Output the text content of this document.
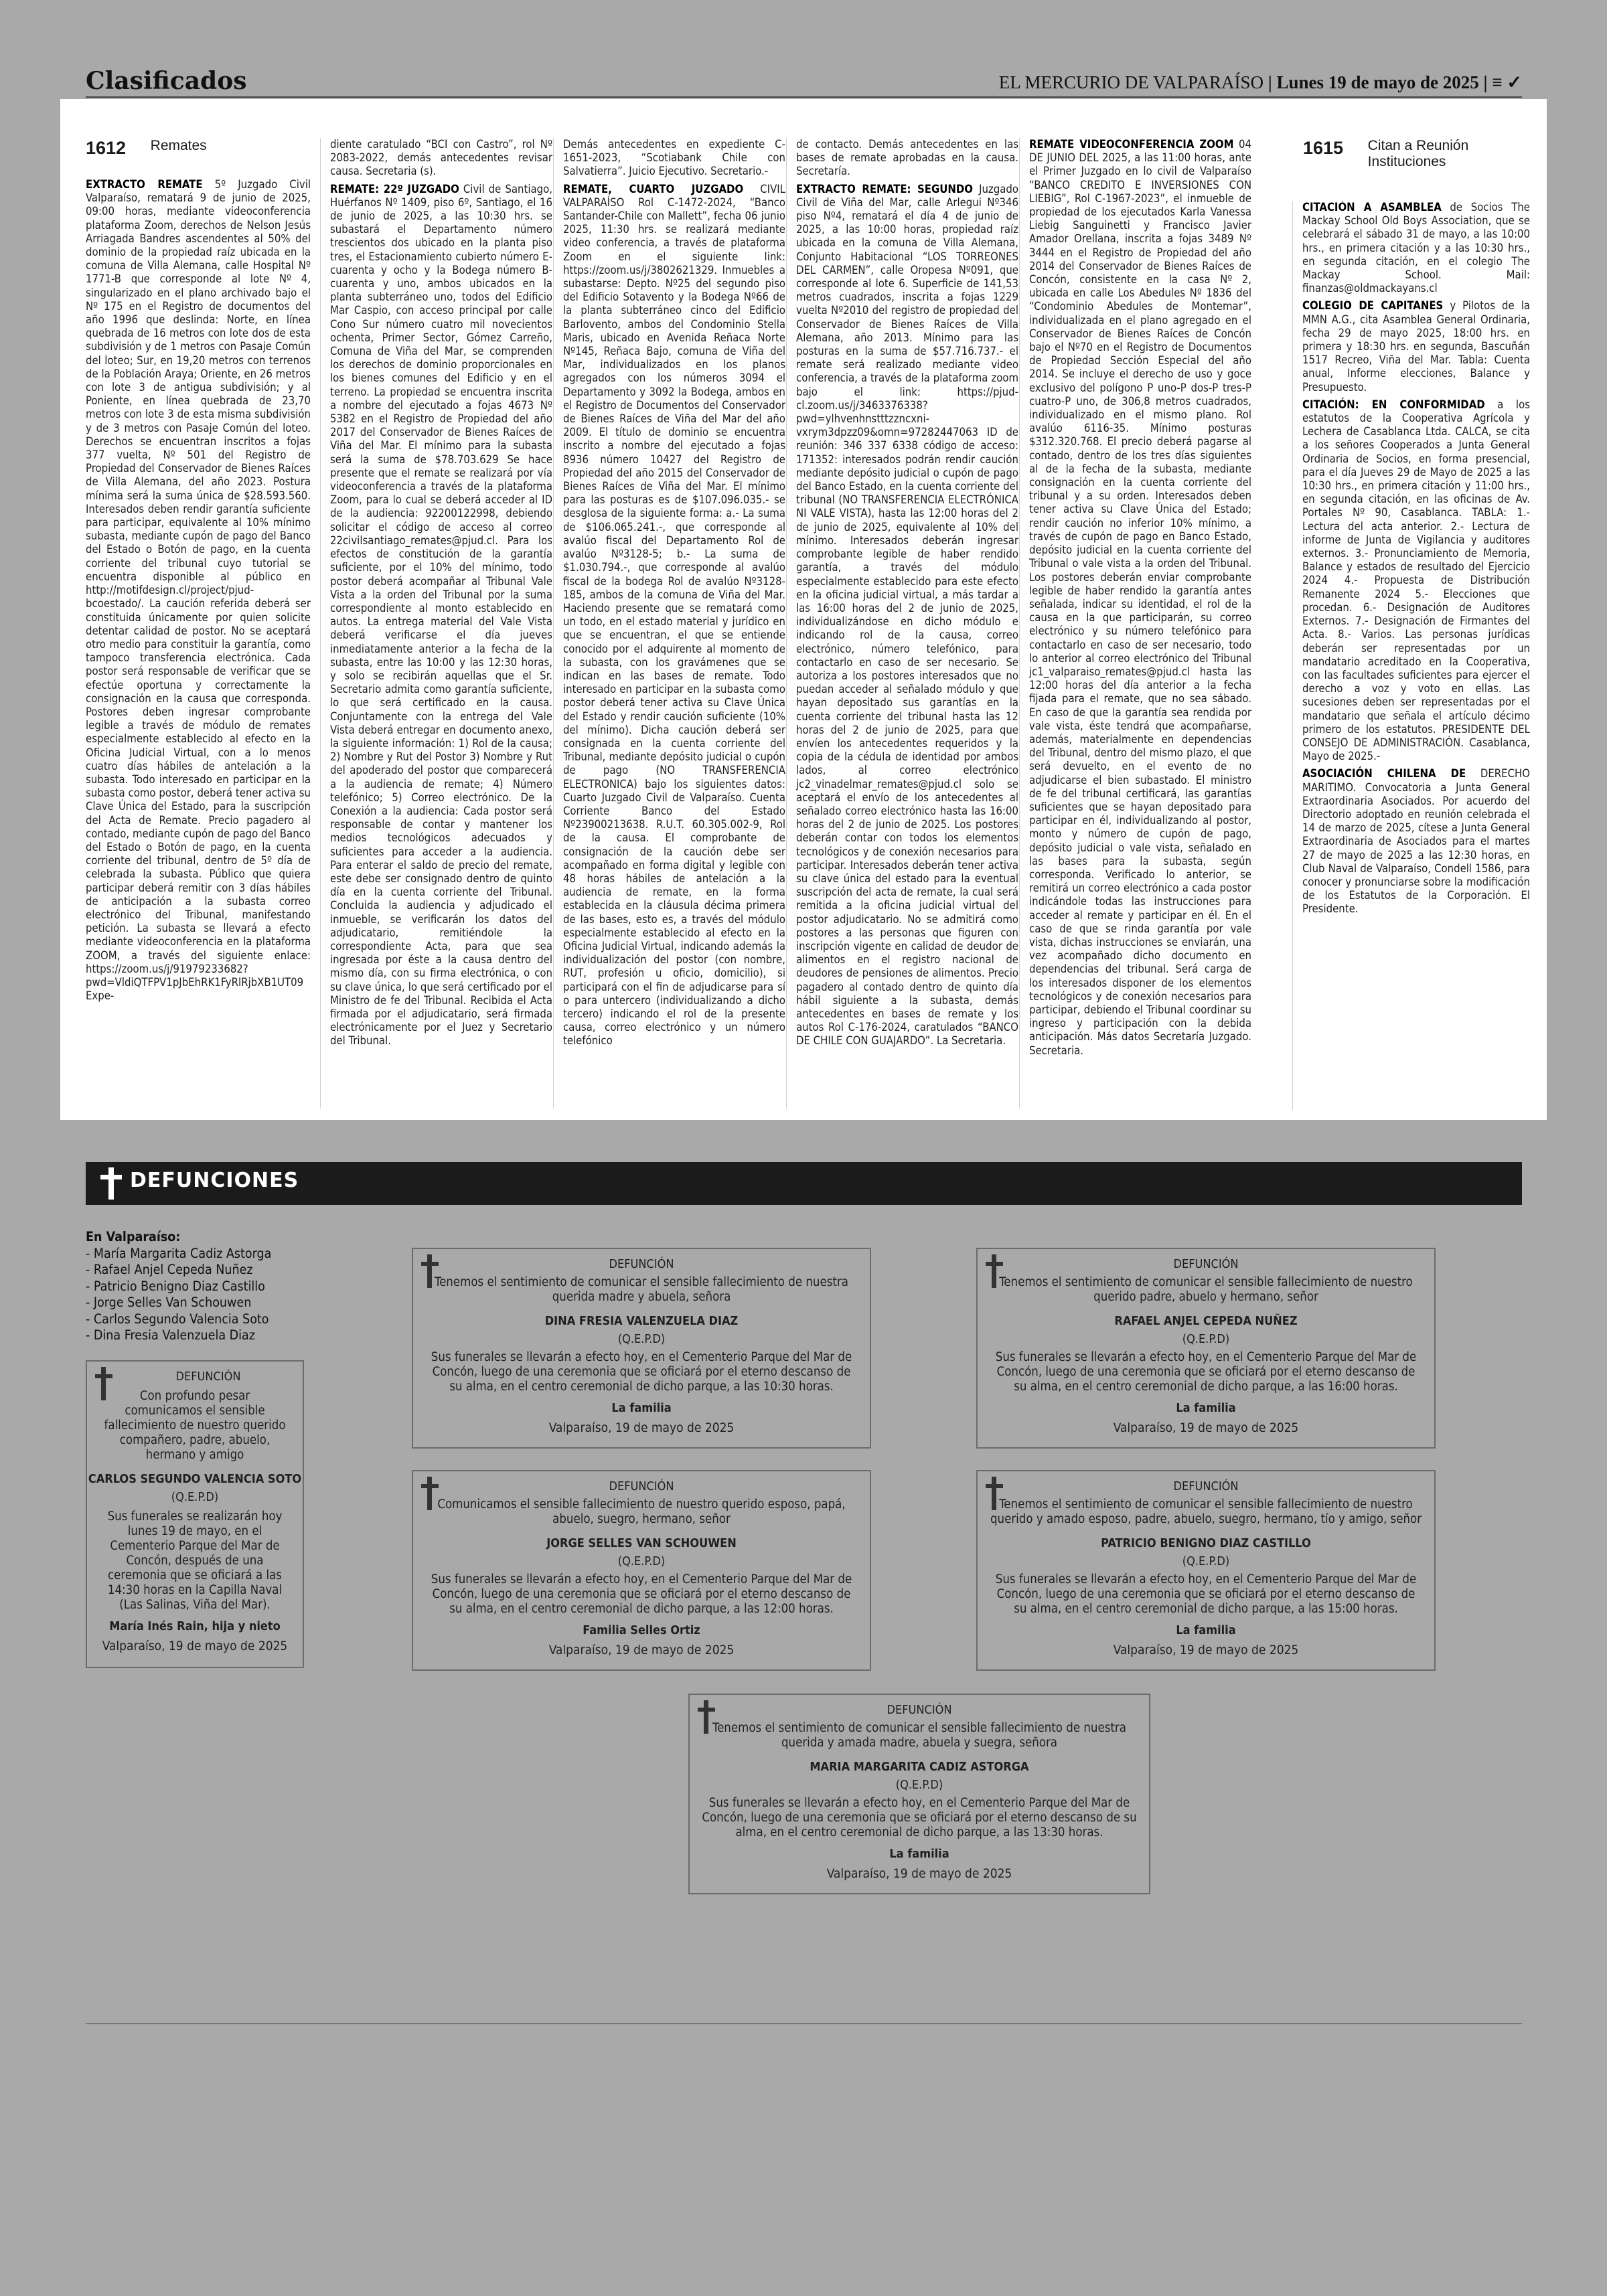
Clasificados	EL MERCURIO DE VALPARAÍSO | Lunes 19 de mayo de 2025 | ≡ ✓
1612 Remates	1615 Citan a Reunión Instituciones

EXTRACTO REMATE 5º Juzgado Civil Valparaíso, rematará 9 de junio de 2025, 09:00 horas, mediante videoconferencia plataforma Zoom, derechos de Nelson Jesús Arriagada Bandres ascendentes al 50% del dominio de la propiedad raíz ubicada en la comuna de Villa Alemana, calle Hospital Nº 1771-B que corresponde al lote Nº 4, singularizado en el plano archivado bajo el Nº 175 en el Registro de documentos del año 1996 que deslinda: Norte, en línea quebrada de 16 metros con lote dos de esta subdivisión y de 1 metros con Pasaje Común del loteo; Sur, en 19,20 metros con terrenos de la Población Araya; Oriente, en 26 metros con lote 3 de antigua subdivisión; y al Poniente, en línea quebrada de 23,70 metros con lote 3 de esta misma subdivisión y de 3 metros con Pasaje Común del loteo. Derechos se encuentran inscritos a fojas 377 vuelta, Nº 501 del Registro de Propiedad del Conservador de Bienes Raíces de Villa Alemana, del año 2023. Postura mínima será la suma única de $28.593.560. Interesados deben rendir garantía suficiente para participar, equivalente al 10% mínimo subasta, mediante cupón de pago del Banco del Estado o Botón de pago, en la cuenta corriente del tribunal cuyo tutorial se encuentra disponible al público en http://motifdesign.cl/project/pjud-bcoestado/. La caución referida deberá ser constituida únicamente por quien solicite detentar calidad de postor. No se aceptará otro medio para constituir la garantía, como tampoco transferencia electrónica. Cada postor será responsable de verificar que se efectúe oportuna y correctamente la consignación en la causa que corresponda. Postores deben ingresar comprobante legible a través de módulo de remates especialmente establecido al efecto en la Oficina Judicial Virtual, con a lo menos cuatro días hábiles de antelación a la subasta. Todo interesado en participar en la subasta como postor, deberá tener activa su Clave Única del Estado, para la suscripción del Acta de Remate. Precio pagadero al contado, mediante cupón de pago del Banco del Estado o Botón de pago, en la cuenta corriente del tribunal, dentro de 5º día de celebrada la subasta. Público que quiera participar deberá remitir con 3 días hábiles de anticipación a la subasta correo electrónico del Tribunal, manifestando petición. La subasta se llevará a efecto mediante videoconferencia en la plataforma ZOOM, a través del siguiente enlace: https://zoom.us/j/91979233682?pwd=VldiQTFPV1pJbEhRK1FyRlRjbXB1UT09 Expe-

diente caratulado “BCI con Castro”, rol Nº 2083-2022, demás antecedentes revisar causa. Secretaria (s).

REMATE: 22º JUZGADO Civil de Santiago, Huérfanos Nº 1409, piso 6º, Santiago, el 16 de junio de 2025, a las 10:30 hrs. se subastará el Departamento número trescientos dos ubicado en la planta piso tres, el Estacionamiento cubierto número E-cuarenta y ocho y la Bodega número B-cuarenta y uno, ambos ubicados en la planta subterráneo uno, todos del Edificio Mar Caspio, con acceso principal por calle Cono Sur número cuatro mil novecientos ochenta, Primer Sector, Gómez Carreño, Comuna de Viña del Mar, se comprenden los derechos de dominio proporcionales en los bienes comunes del Edificio y en el terreno. La propiedad se encuentra inscrita a nombre del ejecutado a fojas 4673 Nº 5382 en el Registro de Propiedad del año 2017 del Conservador de Bienes Raíces de Viña del Mar. El mínimo para la subasta será la suma de $78.703.629 Se hace presente que el remate se realizará por vía videoconferencia a través de la plataforma Zoom, para lo cual se deberá acceder al ID de la audiencia: 92200122998, debiendo solicitar el código de acceso al correo 22civilsantiago_remates@pjud.cl. Para los efectos de constitución de la garantía suficiente, por el 10% del mínimo, todo postor deberá acompañar al Tribunal Vale Vista a la orden del Tribunal por la suma correspondiente al monto establecido en autos. La entrega material del Vale Vista deberá verificarse el día jueves inmediatamente anterior a la fecha de la subasta, entre las 10:00 y las 12:30 horas, y solo se recibirán aquellas que el Sr. Secretario admita como garantía suficiente, lo que será certificado en la causa. Conjuntamente con la entrega del Vale Vista deberá entregar en documento anexo, la siguiente información: 1) Rol de la causa; 2) Nombre y Rut del Postor 3) Nombre y Rut del apoderado del postor que comparecerá a la audiencia de remate; 4) Número telefónico; 5) Correo electrónico. De la Conexión a la audiencia: Cada postor será responsable de contar y mantener los medios tecnológicos adecuados y suficientes para acceder a la audiencia. Para enterar el saldo de precio del remate, este debe ser consignado dentro de quinto día en la cuenta corriente del Tribunal. Concluida la audiencia y adjudicado el inmueble, se verificarán los datos del adjudicatario, remitiéndole la correspondiente Acta, para que sea ingresada por éste a la causa dentro del mismo día, con su firma electrónica, o con su clave única, lo que será certificado por el Ministro de fe del Tribunal. Recibida el Acta firmada por el adjudicatario, será firmada electrónicamente por el Juez y Secretario del Tribunal.

Demás antecedentes en expediente C-1651-2023, “Scotiabank Chile con Salvatierra”. Juicio Ejecutivo. Secretario.-

REMATE, CUARTO JUZGADO CIVIL VALPARAÍSO Rol C-1472-2024, “Banco Santander-Chile con Mallett”, fecha 06 junio 2025, 11:30 hrs. se realizará mediante video conferencia, a través de plataforma Zoom en el siguiente link: https://zoom.us/j/3802621329. Inmuebles a subastarse: Depto. Nº25 del segundo piso del Edificio Sotavento y la Bodega Nº66 de la planta subterráneo cinco del Edificio Barlovento, ambos del Condominio Stella Maris, ubicado en Avenida Reñaca Norte Nº145, Reñaca Bajo, comuna de Viña del Mar, individualizados en los planos agregados con los números 3094 el Departamento y 3092 la Bodega, ambos en el Registro de Documentos del Conservador de Bienes Raíces de Viña del Mar del año 2009. El título de dominio se encuentra inscrito a nombre del ejecutado a fojas 8936 número 10427 del Registro de Propiedad del año 2015 del Conservador de Bienes Raíces de Viña del Mar. El mínimo para las posturas es de $107.096.035.- se desglosa de la siguiente forma: a.- La suma de $106.065.241.-, que corresponde al avalúo fiscal del Departamento Rol de avalúo Nº3128-5; b.- La suma de $1.030.794.-, que corresponde al avalúo fiscal de la bodega Rol de avalúo Nº3128-185, ambos de la comuna de Viña del Mar. Haciendo presente que se rematará como un todo, en el estado material y jurídico en que se encuentran, el que se entiende conocido por el adquirente al momento de la subasta, con los gravámenes que se indican en las bases de remate. Todo interesado en participar en la subasta como postor deberá tener activa su Clave Única del Estado y rendir caución suficiente (10% del mínimo). Dicha caución deberá ser consignada en la cuenta corriente del Tribunal, mediante depósito judicial o cupón de pago (NO TRANSFERENCIA ELECTRONICA) bajo los siguientes datos: Cuarto Juzgado Civil de Valparaíso. Cuenta Corriente Banco del Estado Nº23900213638. R.U.T. 60.305.002-9, Rol de la causa. El comprobante de consignación de la caución debe ser acompañado en forma digital y legible con 48 horas hábiles de antelación a la audiencia de remate, en la forma establecida en la cláusula décima primera de las bases, esto es, a través del módulo especialmente establecido al efecto en la Oficina Judicial Virtual, indicando además la individualización del postor (con nombre, RUT, profesión u oficio, domicilio), si participará con el fin de adjudicarse para sí o para untercero (individualizando a dicho tercero) indicando el rol de la presente causa, correo electrónico y un número telefónico

de contacto. Demás antecedentes en las bases de remate aprobadas en la causa. Secretaría.

EXTRACTO REMATE: SEGUNDO Juzgado Civil de Viña del Mar, calle Arlegui Nº346 piso Nº4, rematará el día 4 de junio de 2025, a las 10:00 horas, propiedad raíz ubicada en la comuna de Villa Alemana, Conjunto Habitacional “LOS TORREONES DEL CARMEN”, calle Oropesa Nº091, que corresponde al lote 6. Superficie de 141,53 metros cuadrados, inscrita a fojas 1229 vuelta Nº2010 del registro de propiedad del Conservador de Bienes Raíces de Villa Alemana, año 2013. Mínimo para las posturas en la suma de $57.716.737.- el remate será realizado mediante video conferencia, a través de la plataforma zoom bajo el link: https://pjud-cl.zoom.us/j/3463376338?pwd=ylhvenhnstttzzncxni-vxrym3dpzz09&omn=97282447063 ID de reunión: 346 337 6338 código de acceso: 171352: interesados podrán rendir caución mediante depósito judicial o cupón de pago del Banco Estado, en la cuenta corriente del tribunal (NO TRANSFERENCIA ELECTRÓNICA NI VALE VISTA), hasta las 12:00 horas del 2 de junio de 2025, equivalente al 10% del mínimo. Interesados deberán ingresar comprobante legible de haber rendido garantía, a través del módulo especialmente establecido para este efecto en la oficina judicial virtual, a más tardar a las 16:00 horas del 2 de junio de 2025, individualizándose en dicho módulo e indicando rol de la causa, correo electrónico, número telefónico, para contactarlo en caso de ser necesario. Se autoriza a los postores interesados que no puedan acceder al señalado módulo y que hayan depositado sus garantías en la cuenta corriente del tribunal hasta las 12 horas del 2 de junio de 2025, para que envíen los antecedentes requeridos y la copia de la cédula de identidad por ambos lados, al correo electrónico jc2_vinadelmar_remates@pjud.cl solo se aceptará el envío de los antecedentes al señalado correo electrónico hasta las 16:00 horas del 2 de junio de 2025. Los postores deberán contar con todos los elementos tecnológicos y de conexión necesarios para participar. Interesados deberán tener activa su clave única del estado para la eventual suscripción del acta de remate, la cual será remitida a la oficina judicial virtual del postor adjudicatario. No se admitirá como postores a las personas que figuren con inscripción vigente en calidad de deudor de alimentos en el registro nacional de deudores de pensiones de alimentos. Precio pagadero al contado dentro de quinto día hábil siguiente a la subasta, demás antecedentes en bases de remate y los autos Rol C-176-2024, caratulados “BANCO DE CHILE CON GUAJARDO”. La Secretaria.

REMATE VIDEOCONFERENCIA ZOOM 04 DE JUNIO DEL 2025, a las 11:00 horas, ante el Primer Juzgado en lo civil de Valparaíso “BANCO CREDITO E INVERSIONES CON LIEBIG”, Rol C-1967-2023”, el inmueble de propiedad de los ejecutados Karla Vanessa Liebig Sanguinetti y Francisco Javier Amador Orellana, inscrita a fojas 3489 Nº 3444 en el Registro de Propiedad del año 2014 del Conservador de Bienes Raíces de Concón, consistente en la casa Nº 2, ubicada en calle Los Abedules Nº 1836 del “Condominio Abedules de Montemar”, individualizada en el plano agregado en el Conservador de Bienes Raíces de Concón bajo el Nº70 en el Registro de Documentos de Propiedad Sección Especial del año 2014. Se incluye el derecho de uso y goce exclusivo del polígono P uno-P dos-P tres-P cuatro-P uno, de 306,8 metros cuadrados, individualizado en el mismo plano. Rol avalúo 6116-35. Mínimo posturas $312.320.768. El precio deberá pagarse al contado, dentro de los tres días siguientes al de la fecha de la subasta, mediante consignación en la cuenta corriente del tribunal y a su orden. Interesados deben tener activa su Clave Única del Estado; rendir caución no inferior 10% mínimo, a través de cupón de pago en Banco Estado, depósito judicial en la cuenta corriente del Tribunal o vale vista a la orden del Tribunal. Los postores deberán enviar comprobante legible de haber rendido la garantía antes señalada, indicar su identidad, el rol de la causa en la que participarán, su correo electrónico y su número telefónico para contactarlo en caso de ser necesario, todo lo anterior al correo electrónico del Tribunal jc1_valparaiso_remates@pjud.cl hasta las 12:00 horas del día anterior a la fecha fijada para el remate, que no sea sábado. En caso de que la garantía sea rendida por vale vista, éste tendrá que acompañarse, además, materialmente en dependencias del Tribunal, dentro del mismo plazo, el que será devuelto, en el evento de no adjudicarse el bien subastado. El ministro de fe del tribunal certificará, las garantías suficientes que se hayan depositado para participar en él, individualizando al postor, monto y número de cupón de pago, depósito judicial o vale vista, señalado en las bases para la subasta, según corresponda. Verificado lo anterior, se remitirá un correo electrónico a cada postor indicándole todas las instrucciones para acceder al remate y participar en él. En el caso de que se rinda garantía por vale vista, dichas instrucciones se enviarán, una vez acompañado dicho documento en dependencias del tribunal. Será carga de los interesados disponer de los elementos tecnológicos y de conexión necesarios para participar, debiendo el Tribunal coordinar su ingreso y participación con la debida anticipación. Más datos Secretaría Juzgado. Secretaria.

CITACIÓN A ASAMBLEA de Socios The Mackay School Old Boys Association, que se celebrará el sábado 31 de mayo, a las 10:00 hrs., en primera citación y a las 10:30 hrs., en segunda citación, en el colegio The Mackay School. Mail: finanzas@oldmackayans.cl

COLEGIO DE CAPITANES y Pilotos de la MMN A.G., cita Asamblea General Ordinaria, fecha 29 de mayo 2025, 18:00 hrs. en primera y 18:30 hrs. en segunda, Bascuñán 1517 Recreo, Viña del Mar. Tabla: Cuenta anual, Informe elecciones, Balance y Presupuesto.

CITACIÓN: EN CONFORMIDAD a los estatutos de la Cooperativa Agrícola y Lechera de Casablanca Ltda. CALCA, se cita a los señores Cooperados a Junta General Ordinaria de Socios, en forma presencial, para el día Jueves 29 de Mayo de 2025 a las 10:30 hrs., en primera citación y 11:00 hrs., en segunda citación, en las oficinas de Av. Portales Nº 90, Casablanca. TABLA: 1.- Lectura del acta anterior. 2.- Lectura de informe de Junta de Vigilancia y auditores externos. 3.- Pronunciamiento de Memoria, Balance y estados de resultado del Ejercicio 2024 4.- Propuesta de Distribución Remanente 2024 5.- Elecciones que procedan. 6.- Designación de Auditores Externos. 7.- Designación de Firmantes del Acta. 8.- Varios. Las personas jurídicas deberán ser representadas por un mandatario acreditado en la Cooperativa, con las facultades suficientes para ejercer el derecho a voz y voto en ellas. Las sucesiones deben ser representadas por el mandatario que señala el artículo décimo primero de los estatutos. PRESIDENTE DEL CONSEJO DE ADMINISTRACIÓN. Casablanca, Mayo de 2025.-

ASOCIACIÓN CHILENA DE DERECHO MARITIMO. Convocatoria a Junta General Extraordinaria Asociados. Por acuerdo del Directorio adoptado en reunión celebrada el 14 de marzo de 2025, cítese a Junta General Extraordinaria de Asociados para el martes 27 de mayo de 2025 a las 12:30 horas, en Club Naval de Valparaíso, Condell 1586, para conocer y pronunciarse sobre la modificación de los Estatutos de la Corporación. El Presidente.

DEFUNCIONES
En Valparaíso:
- María Margarita Cadiz Astorga
- Rafael Anjel Cepeda Nuñez
- Patricio Benigno Diaz Castillo
- Jorge Selles Van Schouwen
- Carlos Segundo Valencia Soto
- Dina Fresia Valenzuela Diaz
DEFUNCIÓN
Con profundo pesar comunicamos el sensible fallecimiento de nuestro querido compañero, padre, abuelo, hermano y amigo
CARLOS SEGUNDO VALENCIA SOTO
(Q.E.P.D)
Sus funerales se realizarán hoy lunes 19 de mayo, en el Cementerio Parque del Mar de Concón, después de una ceremonia que se oficiará a las 14:30 horas en la Capilla Naval (Las Salinas, Viña del Mar).
María Inés Rain, hija y nieto
Valparaíso, 19 de mayo de 2025
DEFUNCIÓN
Tenemos el sentimiento de comunicar el sensible fallecimiento de nuestra querida madre y abuela, señora
DINA FRESIA VALENZUELA DIAZ
(Q.E.P.D)
Sus funerales se llevarán a efecto hoy, en el Cementerio Parque del Mar de Concón, luego de una ceremonia que se oficiará por el eterno descanso de su alma, en el centro ceremonial de dicho parque, a las 10:30 horas.
La familia
Valparaíso, 19 de mayo de 2025
DEFUNCIÓN
Tenemos el sentimiento de comunicar el sensible fallecimiento de nuestro querido padre, abuelo y hermano, señor
RAFAEL ANJEL CEPEDA NUÑEZ
(Q.E.P.D)
Sus funerales se llevarán a efecto hoy, en el Cementerio Parque del Mar de Concón, luego de una ceremonia que se oficiará por el eterno descanso de su alma, en el centro ceremonial de dicho parque, a las 16:00 horas.
La familia
Valparaíso, 19 de mayo de 2025
DEFUNCIÓN
Comunicamos el sensible fallecimiento de nuestro querido esposo, papá, abuelo, suegro, hermano, señor
JORGE SELLES VAN SCHOUWEN
(Q.E.P.D)
Sus funerales se llevarán a efecto hoy, en el Cementerio Parque del Mar de Concón, luego de una ceremonia que se oficiará por el eterno descanso de su alma, en el centro ceremonial de dicho parque, a las 12:00 horas.
Familia Selles Ortiz
Valparaíso, 19 de mayo de 2025
DEFUNCIÓN
Tenemos el sentimiento de comunicar el sensible fallecimiento de nuestro querido y amado esposo, padre, abuelo, suegro, hermano, tío y amigo, señor
PATRICIO BENIGNO DIAZ CASTILLO
(Q.E.P.D)
Sus funerales se llevarán a efecto hoy, en el Cementerio Parque del Mar de Concón, luego de una ceremonia que se oficiará por el eterno descanso de su alma, en el centro ceremonial de dicho parque, a las 15:00 horas.
La familia
Valparaíso, 19 de mayo de 2025
DEFUNCIÓN
Tenemos el sentimiento de comunicar el sensible fallecimiento de nuestra querida y amada madre, abuela y suegra, señora
MARIA MARGARITA CADIZ ASTORGA
(Q.E.P.D)
Sus funerales se llevarán a efecto hoy, en el Cementerio Parque del Mar de Concón, luego de una ceremonia que se oficiará por el eterno descanso de su alma, en el centro ceremonial de dicho parque, a las 13:30 horas.
La familia
Valparaíso, 19 de mayo de 2025
